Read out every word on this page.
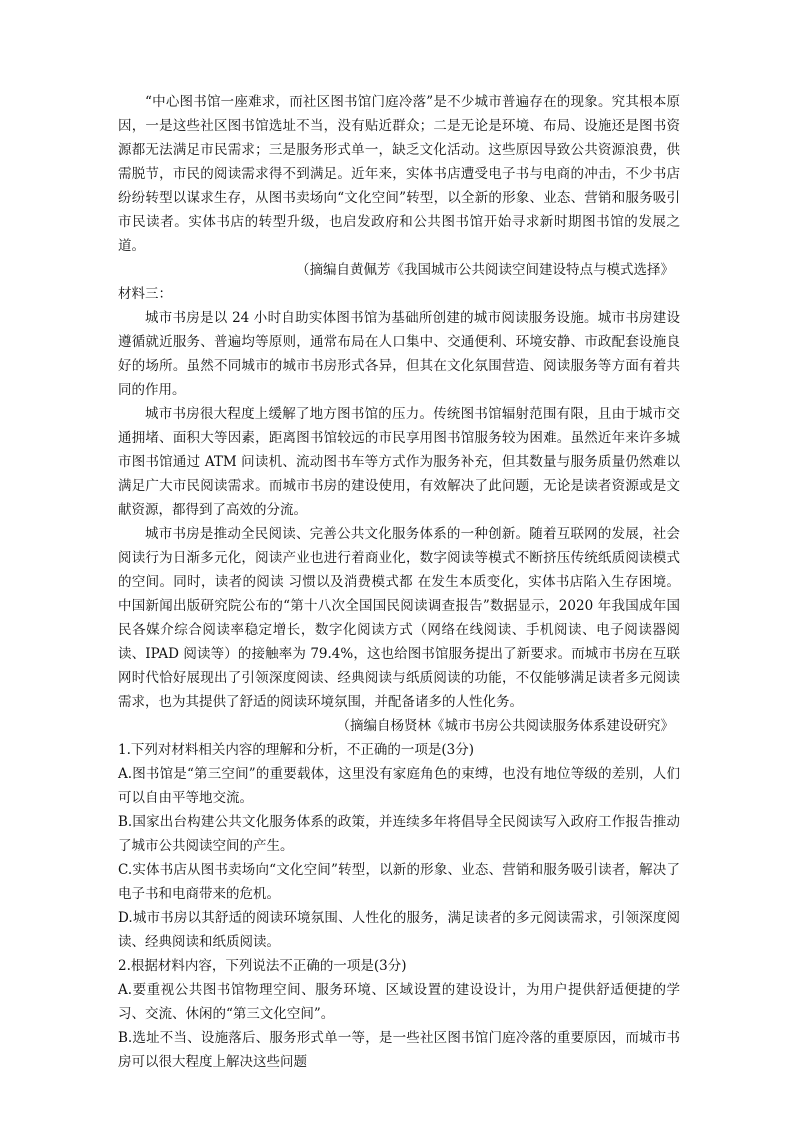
“中心图书馆一座难求，而社区图书馆门庭冷落”是不少城市普遍存在的现象。究其根本原因，一是这些社区图书馆选址不当，没有贴近群众；二是无论是环境、布局、设施还是图书资源都无法满足市民需求；三是服务形式单一，缺乏文化活动。这些原因导致公共资源浪费，供需脱节，市民的阅读需求得不到满足。近年来，实体书店遭受电子书与电商的冲击，不少书店纷纷转型以谋求生存，从图书卖场向“文化空间”转型，以全新的形象、业态、营销和服务吸引市民读者。实体书店的转型升级，也启发政府和公共图书馆开始寻求新时期图书馆的发展之道。

（摘编自黄佩芳《我国城市公共阅读空间建设特点与模式选择》

材料三：

城市书房是以 24 小时自助实体图书馆为基础所创建的城市阅读服务设施。城市书房建设遵循就近服务、普遍均等原则，通常布局在人口集中、交通便利、环境安静、市政配套设施良好的场所。虽然不同城市的城市书房形式各异，但其在文化氛围营造、阅读服务等方面有着共同的作用。

城市书房很大程度上缓解了地方图书馆的压力。传统图书馆辐射范围有限，且由于城市交通拥堵、面积大等因素，距离图书馆较远的市民享用图书馆服务较为困难。虽然近年来许多城市图书馆通过 ATM 问读机、流动图书车等方式作为服务补充，但其数量与服务质量仍然难以满足广大市民阅读需求。而城市书房的建设使用，有效解决了此问题，无论是读者资源或是文献资源，都得到了高效的分流。

城市书房是推动全民阅读、完善公共文化服务体系的一种创新。随着互联网的发展，社会阅读行为日渐多元化，阅读产业也进行着商业化，数字阅读等模式不断挤压传统纸质阅读模式的空间。同时，读者的阅读 习惯以及消费模式都 在发生本质变化，实体书店陷入生存困境。中国新闻出版研究院公布的“第十八次全国国民阅读调查报告”数据显示，2020 年我国成年国民各媒介综合阅读率稳定增长，数字化阅读方式（网络在线阅读、手机阅读、电子阅读器阅读、IPAD 阅读等）的接触率为 79.4%，这也给图书馆服务提出了新要求。而城市书房在互联网时代恰好展现出了引领深度阅读、经典阅读与纸质阅读的功能，不仅能够满足读者多元阅读需求，也为其提供了舒适的阅读环境氛围，并配备诸多的人性化务。

（摘编自杨贤林《城市书房公共阅读服务体系建设研究》

1.下列对材料相关内容的理解和分析，不正确的一项是(3分)

A.图书馆是“第三空间”的重要载体，这里没有家庭角色的束缚，也没有地位等级的差别，人们可以自由平等地交流。

B.国家出台构建公共文化服务体系的政策，并连续多年将倡导全民阅读写入政府工作报告推动了城市公共阅读空间的产生。

C.实体书店从图书卖场向“文化空间”转型，以新的形象、业态、营销和服务吸引读者，解决了电子书和电商带来的危机。

D.城市书房以其舒适的阅读环境氛围、人性化的服务，满足读者的多元阅读需求，引领深度阅读、经典阅读和纸质阅读。

2.根据材料内容，下列说法不正确的一项是(3分)

A.要重视公共图书馆物理空间、服务环境、区域设置的建设设计，为用户提供舒适便捷的学习、交流、休闲的“第三文化空间”。

B.选址不当、设施落后、服务形式单一等，是一些社区图书馆门庭冷落的重要原因，而城市书房可以很大程度上解决这些问题
